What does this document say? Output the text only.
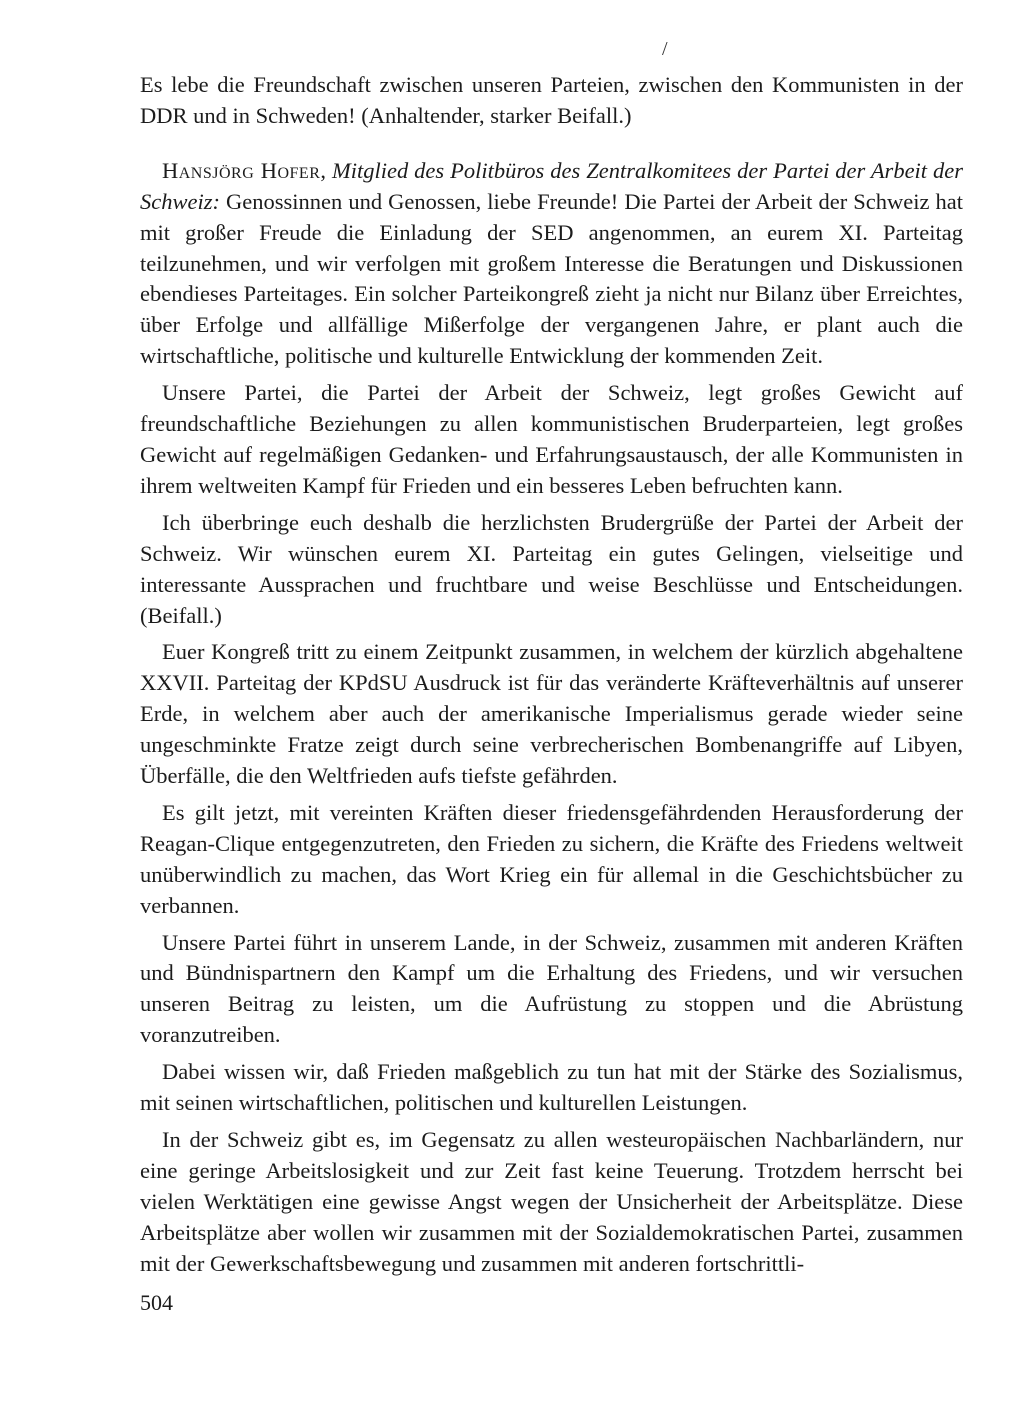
/

Es lebe die Freundschaft zwischen unseren Parteien, zwischen den Kommunisten in der DDR und in Schweden! (Anhaltender, starker Beifall.)

Hansjörg Hofer, Mitglied des Politbüros des Zentralkomitees der Partei der Arbeit der Schweiz: Genossinnen und Genossen, liebe Freunde! Die Partei der Arbeit der Schweiz hat mit großer Freude die Einladung der SED angenommen, an eurem XI. Parteitag teilzunehmen, und wir verfolgen mit großem Interesse die Beratungen und Diskussionen ebendieses Parteitages. Ein solcher Parteikongreß zieht ja nicht nur Bilanz über Erreichtes, über Erfolge und allfällige Mißerfolge der vergangenen Jahre, er plant auch die wirtschaftliche, politische und kulturelle Entwicklung der kommenden Zeit.

Unsere Partei, die Partei der Arbeit der Schweiz, legt großes Gewicht auf freundschaftliche Beziehungen zu allen kommunistischen Bruderparteien, legt großes Gewicht auf regelmäßigen Gedanken- und Erfahrungsaustausch, der alle Kommunisten in ihrem weltweiten Kampf für Frieden und ein besseres Leben befruchten kann.

Ich überbringe euch deshalb die herzlichsten Brudergrüße der Partei der Arbeit der Schweiz. Wir wünschen eurem XI. Parteitag ein gutes Gelingen, vielseitige und interessante Aussprachen und fruchtbare und weise Beschlüsse und Entscheidungen. (Beifall.)

Euer Kongreß tritt zu einem Zeitpunkt zusammen, in welchem der kürzlich abgehaltene XXVII. Parteitag der KPdSU Ausdruck ist für das veränderte Kräfteverhältnis auf unserer Erde, in welchem aber auch der amerikanische Imperialismus gerade wieder seine ungeschminkte Fratze zeigt durch seine verbrecherischen Bombenangriffe auf Libyen, Überfälle, die den Weltfrieden aufs tiefste gefährden.

Es gilt jetzt, mit vereinten Kräften dieser friedensgefährdenden Herausforderung der Reagan-Clique entgegenzutreten, den Frieden zu sichern, die Kräfte des Friedens weltweit unüberwindlich zu machen, das Wort Krieg ein für allemal in die Geschichtsbücher zu verbannen.

Unsere Partei führt in unserem Lande, in der Schweiz, zusammen mit anderen Kräften und Bündnispartnern den Kampf um die Erhaltung des Friedens, und wir versuchen unseren Beitrag zu leisten, um die Aufrüstung zu stoppen und die Abrüstung voranzutreiben.

Dabei wissen wir, daß Frieden maßgeblich zu tun hat mit der Stärke des Sozialismus, mit seinen wirtschaftlichen, politischen und kulturellen Leistungen.

In der Schweiz gibt es, im Gegensatz zu allen westeuropäischen Nachbarländern, nur eine geringe Arbeitslosigkeit und zur Zeit fast keine Teuerung. Trotzdem herrscht bei vielen Werktätigen eine gewisse Angst wegen der Unsicherheit der Arbeitsplätze. Diese Arbeitsplätze aber wollen wir zusammen mit der Sozialdemokratischen Partei, zusammen mit der Gewerkschaftsbewegung und zusammen mit anderen fortschrittli-

504
